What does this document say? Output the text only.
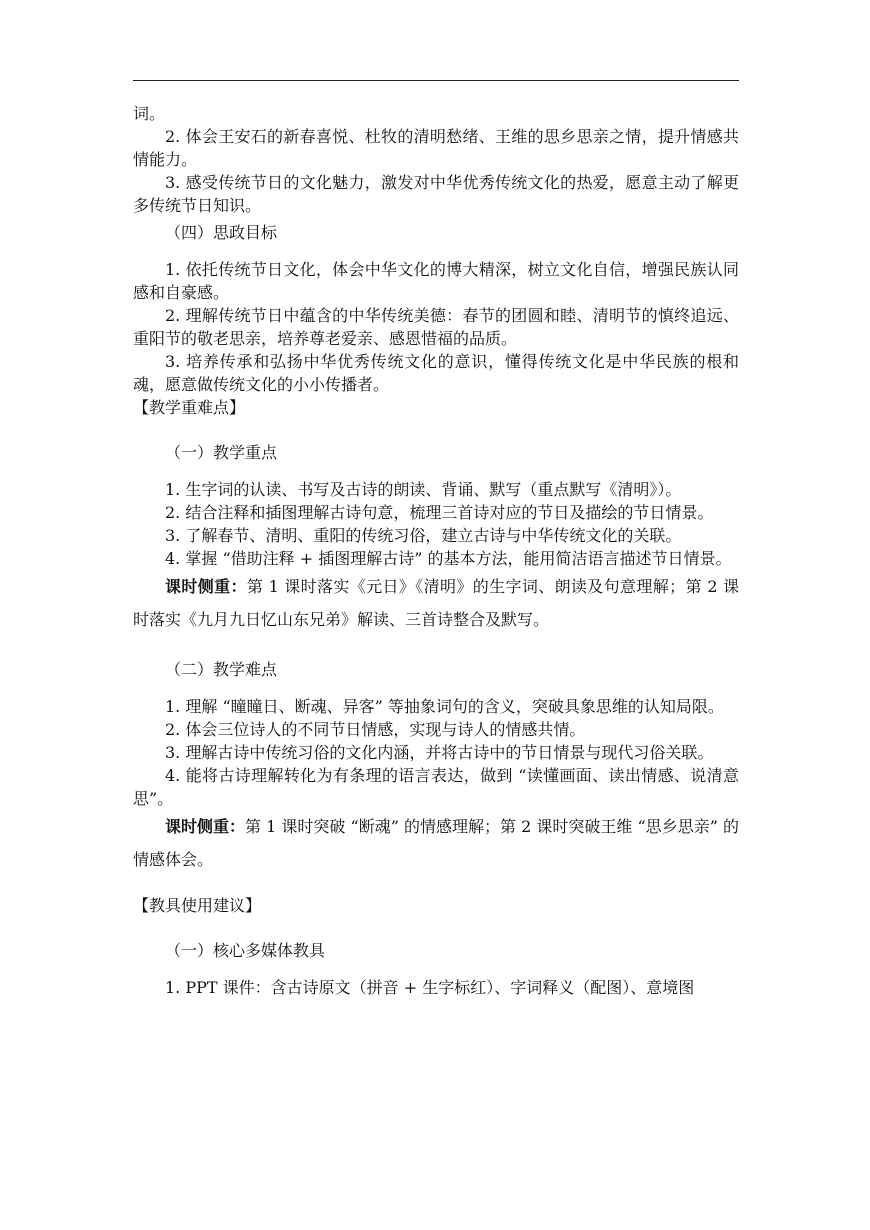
词。

2. 体会王安石的新春喜悦、杜牧的清明愁绪、王维的思乡思亲之情，提升情感共情能力。

3. 感受传统节日的文化魅力，激发对中华优秀传统文化的热爱，愿意主动了解更多传统节日知识。

（四）思政目标

1. 依托传统节日文化，体会中华文化的博大精深，树立文化自信，增强民族认同感和自豪感。

2. 理解传统节日中蕴含的中华传统美德：春节的团圆和睦、清明节的慎终追远、重阳节的敬老思亲，培养尊老爱亲、感恩惜福的品质。

3. 培养传承和弘扬中华优秀传统文化的意识，懂得传统文化是中华民族的根和魂，愿意做传统文化的小小传播者。

【教学重难点】

（一）教学重点

1. 生字词的认读、书写及古诗的朗读、背诵、默写（重点默写《清明》）。

2. 结合注释和插图理解古诗句意，梳理三首诗对应的节日及描绘的节日情景。

3. 了解春节、清明、重阳的传统习俗，建立古诗与中华传统文化的关联。

4. 掌握 “借助注释 + 插图理解古诗” 的基本方法，能用简洁语言描述节日情景。

课时侧重：第 1 课时落实《元日》《清明》的生字词、朗读及句意理解；第 2 课时落实《九月九日忆山东兄弟》解读、三首诗整合及默写。

（二）教学难点

1. 理解 “瞳瞳日、断魂、异客” 等抽象词句的含义，突破具象思维的认知局限。

2. 体会三位诗人的不同节日情感，实现与诗人的情感共情。

3. 理解古诗中传统习俗的文化内涵，并将古诗中的节日情景与现代习俗关联。

4. 能将古诗理解转化为有条理的语言表达，做到 “读懂画面、读出情感、说清意思”。

课时侧重：第 1 课时突破 “断魂” 的情感理解；第 2 课时突破王维 “思乡思亲” 的情感体会。

【教具使用建议】

（一）核心多媒体教具

1. PPT 课件：含古诗原文（拼音 + 生字标红）、字词释义（配图）、意境图
